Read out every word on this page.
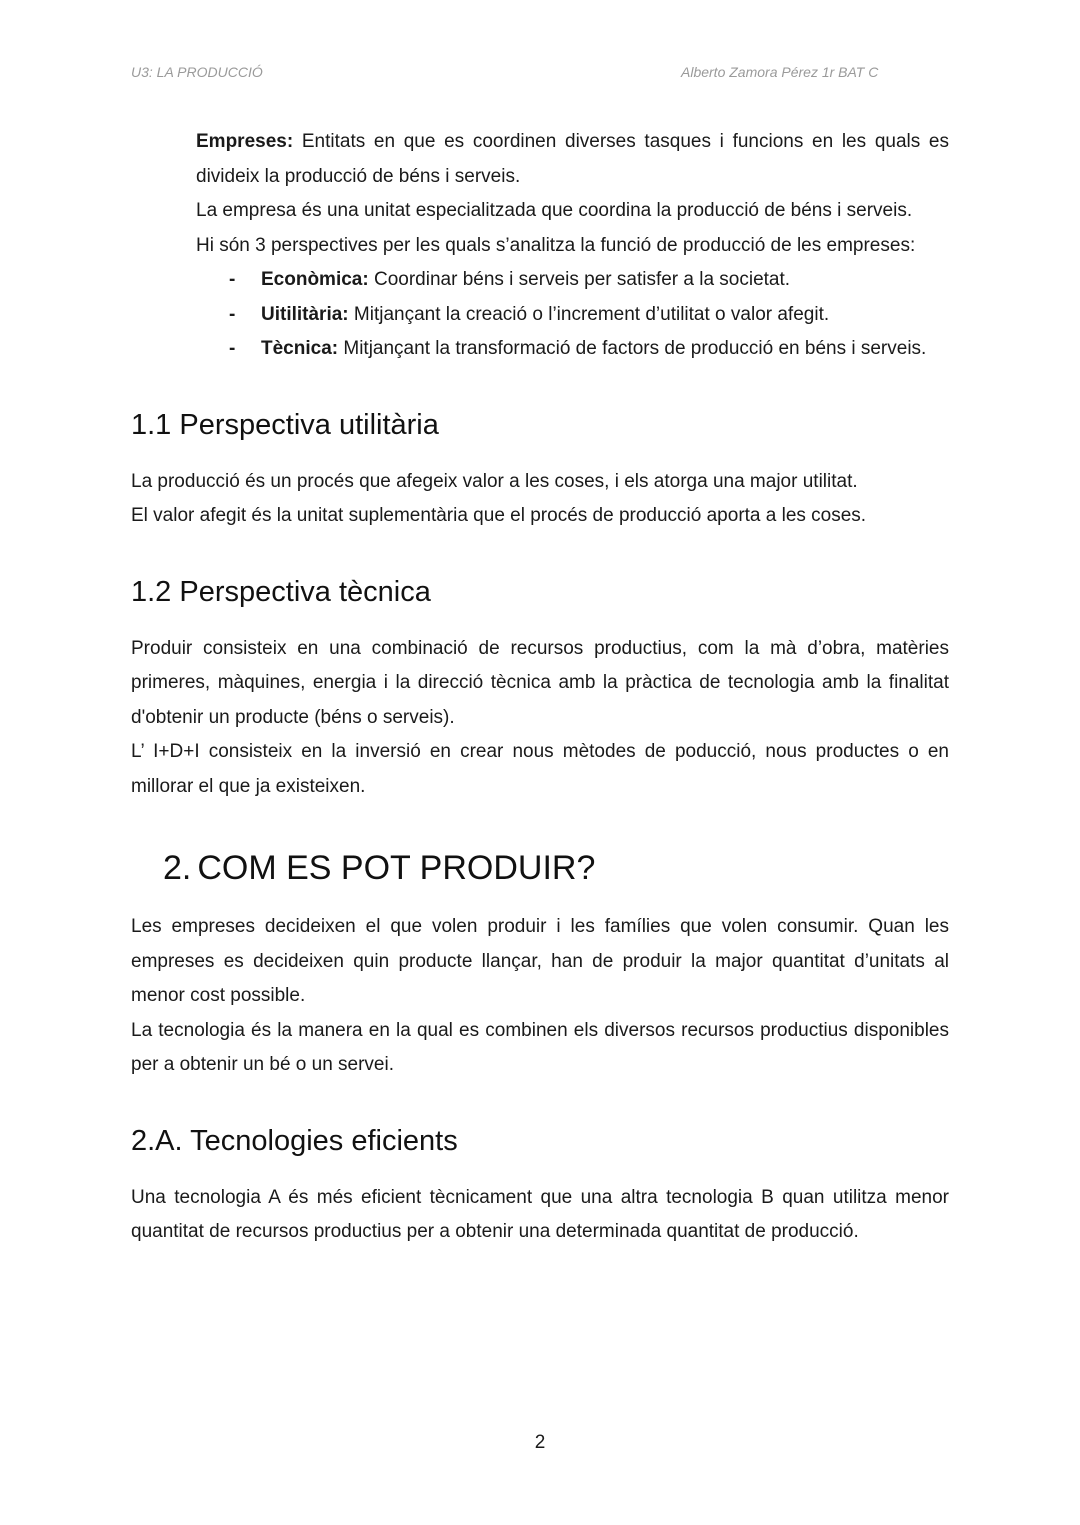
U3: LA PRODUCCIÓ	Alberto Zamora Pérez 1r BAT C

Empreses: Entitats en que es coordinen diverses tasques i funcions en les quals es divideix la producció de béns i serveis.

La empresa és una unitat especialitzada que coordina la producció de béns i serveis.

Hi són 3 perspectives per les quals s’analitza la funció de producció de les empreses:

- Econòmica: Coordinar béns i serveis per satisfer a la societat.
- Uitilitària: Mitjançant la creació o l’increment d’utilitat o valor afegit.
- Tècnica: Mitjançant la transformació de factors de producció en béns i serveis.
1.1 Perspectiva utilitària

La producció és un procés que afegeix valor a les coses, i els atorga una major utilitat.

El valor afegit és la unitat suplementària que el procés de producció aporta a les coses.

1.2 Perspectiva tècnica

Produir consisteix en una combinació de recursos productius, com la mà d’obra, matèries primeres, màquines, energia i la direcció tècnica amb la pràctica de tecnologia amb la finalitat d'obtenir un producte (béns o serveis).

L’ I+D+I consisteix en la inversió en crear nous mètodes de poducció, nous productes o en millorar el que ja existeixen.

2. COM ES POT PRODUIR?

Les empreses decideixen el que volen produir i les famílies que volen consumir. Quan les empreses es decideixen quin producte llançar, han de produir la major quantitat d’unitats al menor cost possible.

La tecnologia és la manera en la qual es combinen els diversos recursos productius disponibles per a obtenir un bé o un servei.

2.A. Tecnologies eficients

Una tecnologia A és més eficient tècnicament que una altra tecnologia B quan utilitza menor quantitat de recursos productius per a obtenir una determinada quantitat de producció.

2
